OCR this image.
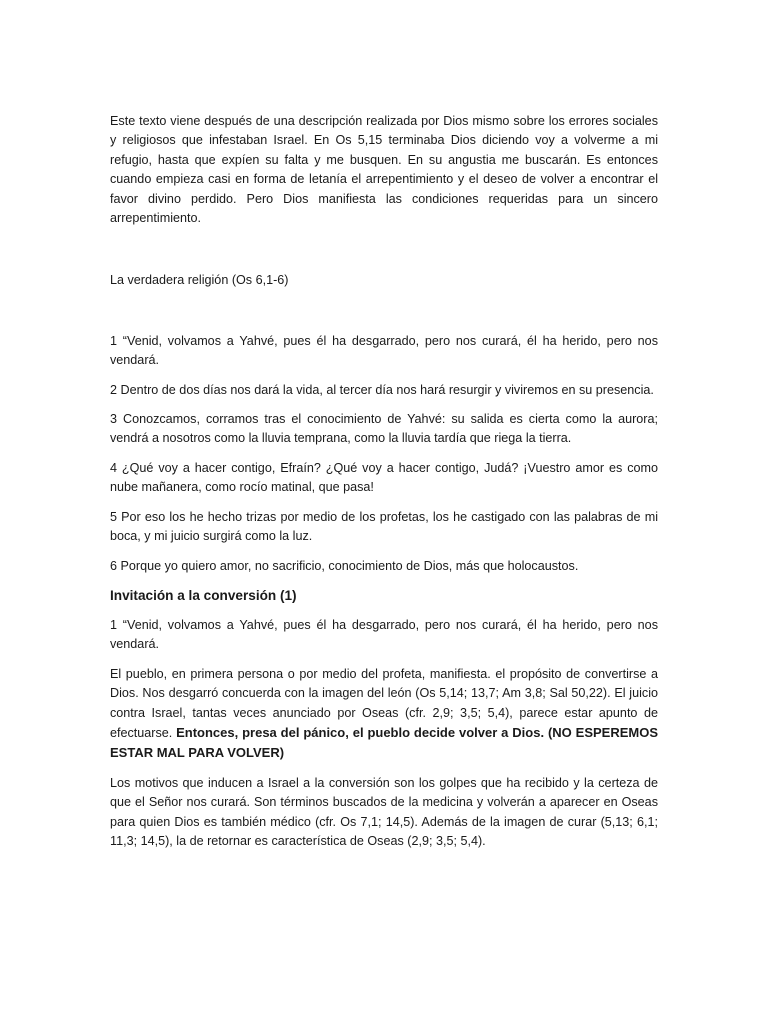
Este texto viene después de una descripción realizada por Dios mismo sobre los errores sociales y religiosos que infestaban Israel. En Os 5,15 terminaba Dios diciendo voy a volverme a mi refugio, hasta que expíen su falta y me busquen. En su angustia me buscarán. Es entonces cuando empieza casi en forma de letanía el arrepentimiento y el deseo de volver a encontrar el favor divino perdido. Pero Dios manifiesta las condiciones requeridas para un sincero arrepentimiento.

La verdadera religión (Os 6,1-6)

1 “Venid, volvamos a Yahvé, pues él ha desgarrado, pero nos curará, él ha herido, pero nos vendará.

2 Dentro de dos días nos dará la vida, al tercer día nos hará resurgir y viviremos en su presencia.

3 Conozcamos, corramos tras el conocimiento de Yahvé: su salida es cierta como la aurora; vendrá a nosotros como la lluvia temprana, como la lluvia tardía que riega la tierra.

4 ¿Qué voy a hacer contigo, Efraín? ¿Qué voy a hacer contigo, Judá? ¡Vuestro amor es como nube mañanera, como rocío matinal, que pasa!

5 Por eso los he hecho trizas por medio de los profetas, los he castigado con las palabras de mi boca, y mi juicio surgirá como la luz.

6 Porque yo quiero amor, no sacrificio, conocimiento de Dios, más que holocaustos.

Invitación a la conversión (1)

1 “Venid, volvamos a Yahvé, pues él ha desgarrado, pero nos curará, él ha herido, pero nos vendará.

El pueblo, en primera persona o por medio del profeta, manifiesta. el propósito de convertirse a Dios. Nos desgarró concuerda con la imagen del león (Os 5,14; 13,7; Am 3,8; Sal 50,22). El juicio contra Israel, tantas veces anunciado por Oseas (cfr. 2,9; 3,5; 5,4), parece estar apunto de efectuarse. Entonces, presa del pánico, el pueblo decide volver a Dios. (NO ESPEREMOS ESTAR MAL PARA VOLVER)

Los motivos que inducen a Israel a la conversión son los golpes que ha recibido y la certeza de que el Señor nos curará. Son términos buscados de la medicina y volverán a aparecer en Oseas para quien Dios es también médico (cfr. Os 7,1; 14,5). Además de la imagen de curar (5,13; 6,1; 11,3; 14,5), la de retornar es característica de Oseas (2,9; 3,5; 5,4).
